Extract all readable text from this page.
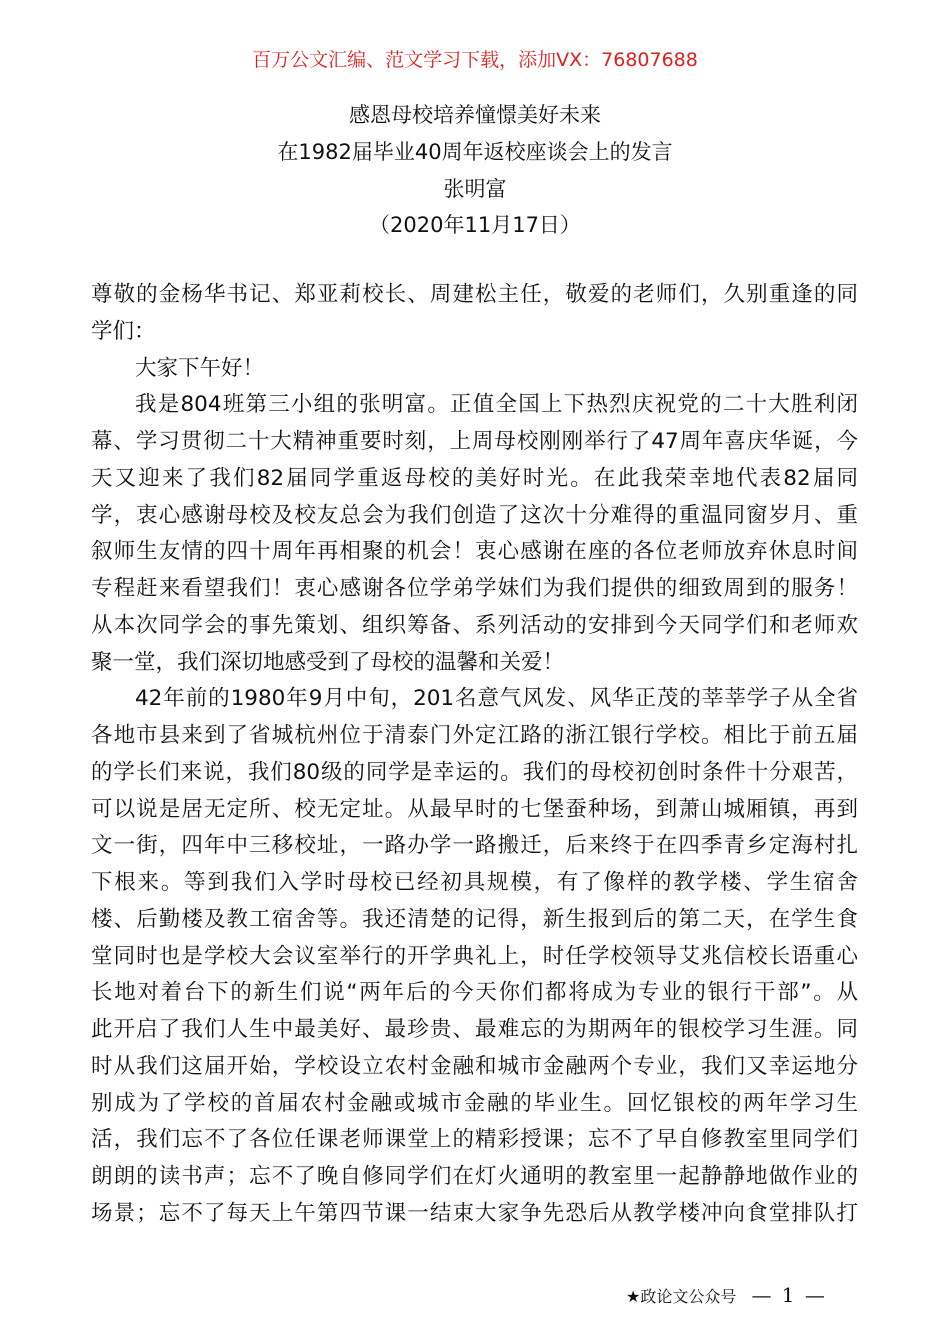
百万公文汇编、范文学习下载，添加VX：76807688
感恩母校培养憧憬美好未来
在1982届毕业40周年返校座谈会上的发言
张明富
（2020年11月17日）
尊敬的金杨华书记、郑亚莉校长、周建松主任，敬爱的老师们，久别重逢的同
学们：
大家下午好！
我是804班第三小组的张明富。正值全国上下热烈庆祝党的二十大胜利闭
幕、学习贯彻二十大精神重要时刻，上周母校刚刚举行了47周年喜庆华诞，今
天又迎来了我们82届同学重返母校的美好时光。在此我荣幸地代表82届同
学，衷心感谢母校及校友总会为我们创造了这次十分难得的重温同窗岁月、重
叙师生友情的四十周年再相聚的机会！衷心感谢在座的各位老师放弃休息时间
专程赶来看望我们！衷心感谢各位学弟学妹们为我们提供的细致周到的服务！
从本次同学会的事先策划、组织筹备、系列活动的安排到今天同学们和老师欢
聚一堂，我们深切地感受到了母校的温馨和关爱！
42年前的1980年9月中旬，201名意气风发、风华正茂的莘莘学子从全省
各地市县来到了省城杭州位于清泰门外定江路的浙江银行学校。相比于前五届
的学长们来说，我们80级的同学是幸运的。我们的母校初创时条件十分艰苦，
可以说是居无定所、校无定址。从最早时的七堡蚕种场，到萧山城厢镇，再到
文一街，四年中三移校址，一路办学一路搬迁，后来终于在四季青乡定海村扎
下根来。等到我们入学时母校已经初具规模，有了像样的教学楼、学生宿舍
楼、后勤楼及教工宿舍等。我还清楚的记得，新生报到后的第二天，在学生食
堂同时也是学校大会议室举行的开学典礼上，时任学校领导艾兆信校长语重心
长地对着台下的新生们说“两年后的今天你们都将成为专业的银行干部”。从
此开启了我们人生中最美好、最珍贵、最难忘的为期两年的银校学习生涯。同
时从我们这届开始，学校设立农村金融和城市金融两个专业，我们又幸运地分
别成为了学校的首届农村金融或城市金融的毕业生。回忆银校的两年学习生
活，我们忘不了各位任课老师课堂上的精彩授课；忘不了早自修教室里同学们
朗朗的读书声；忘不了晚自修同学们在灯火通明的教室里一起静静地做作业的
场景；忘不了每天上午第四节课一结束大家争先恐后从教学楼冲向食堂排队打
★政论文公众号 — 1 —
